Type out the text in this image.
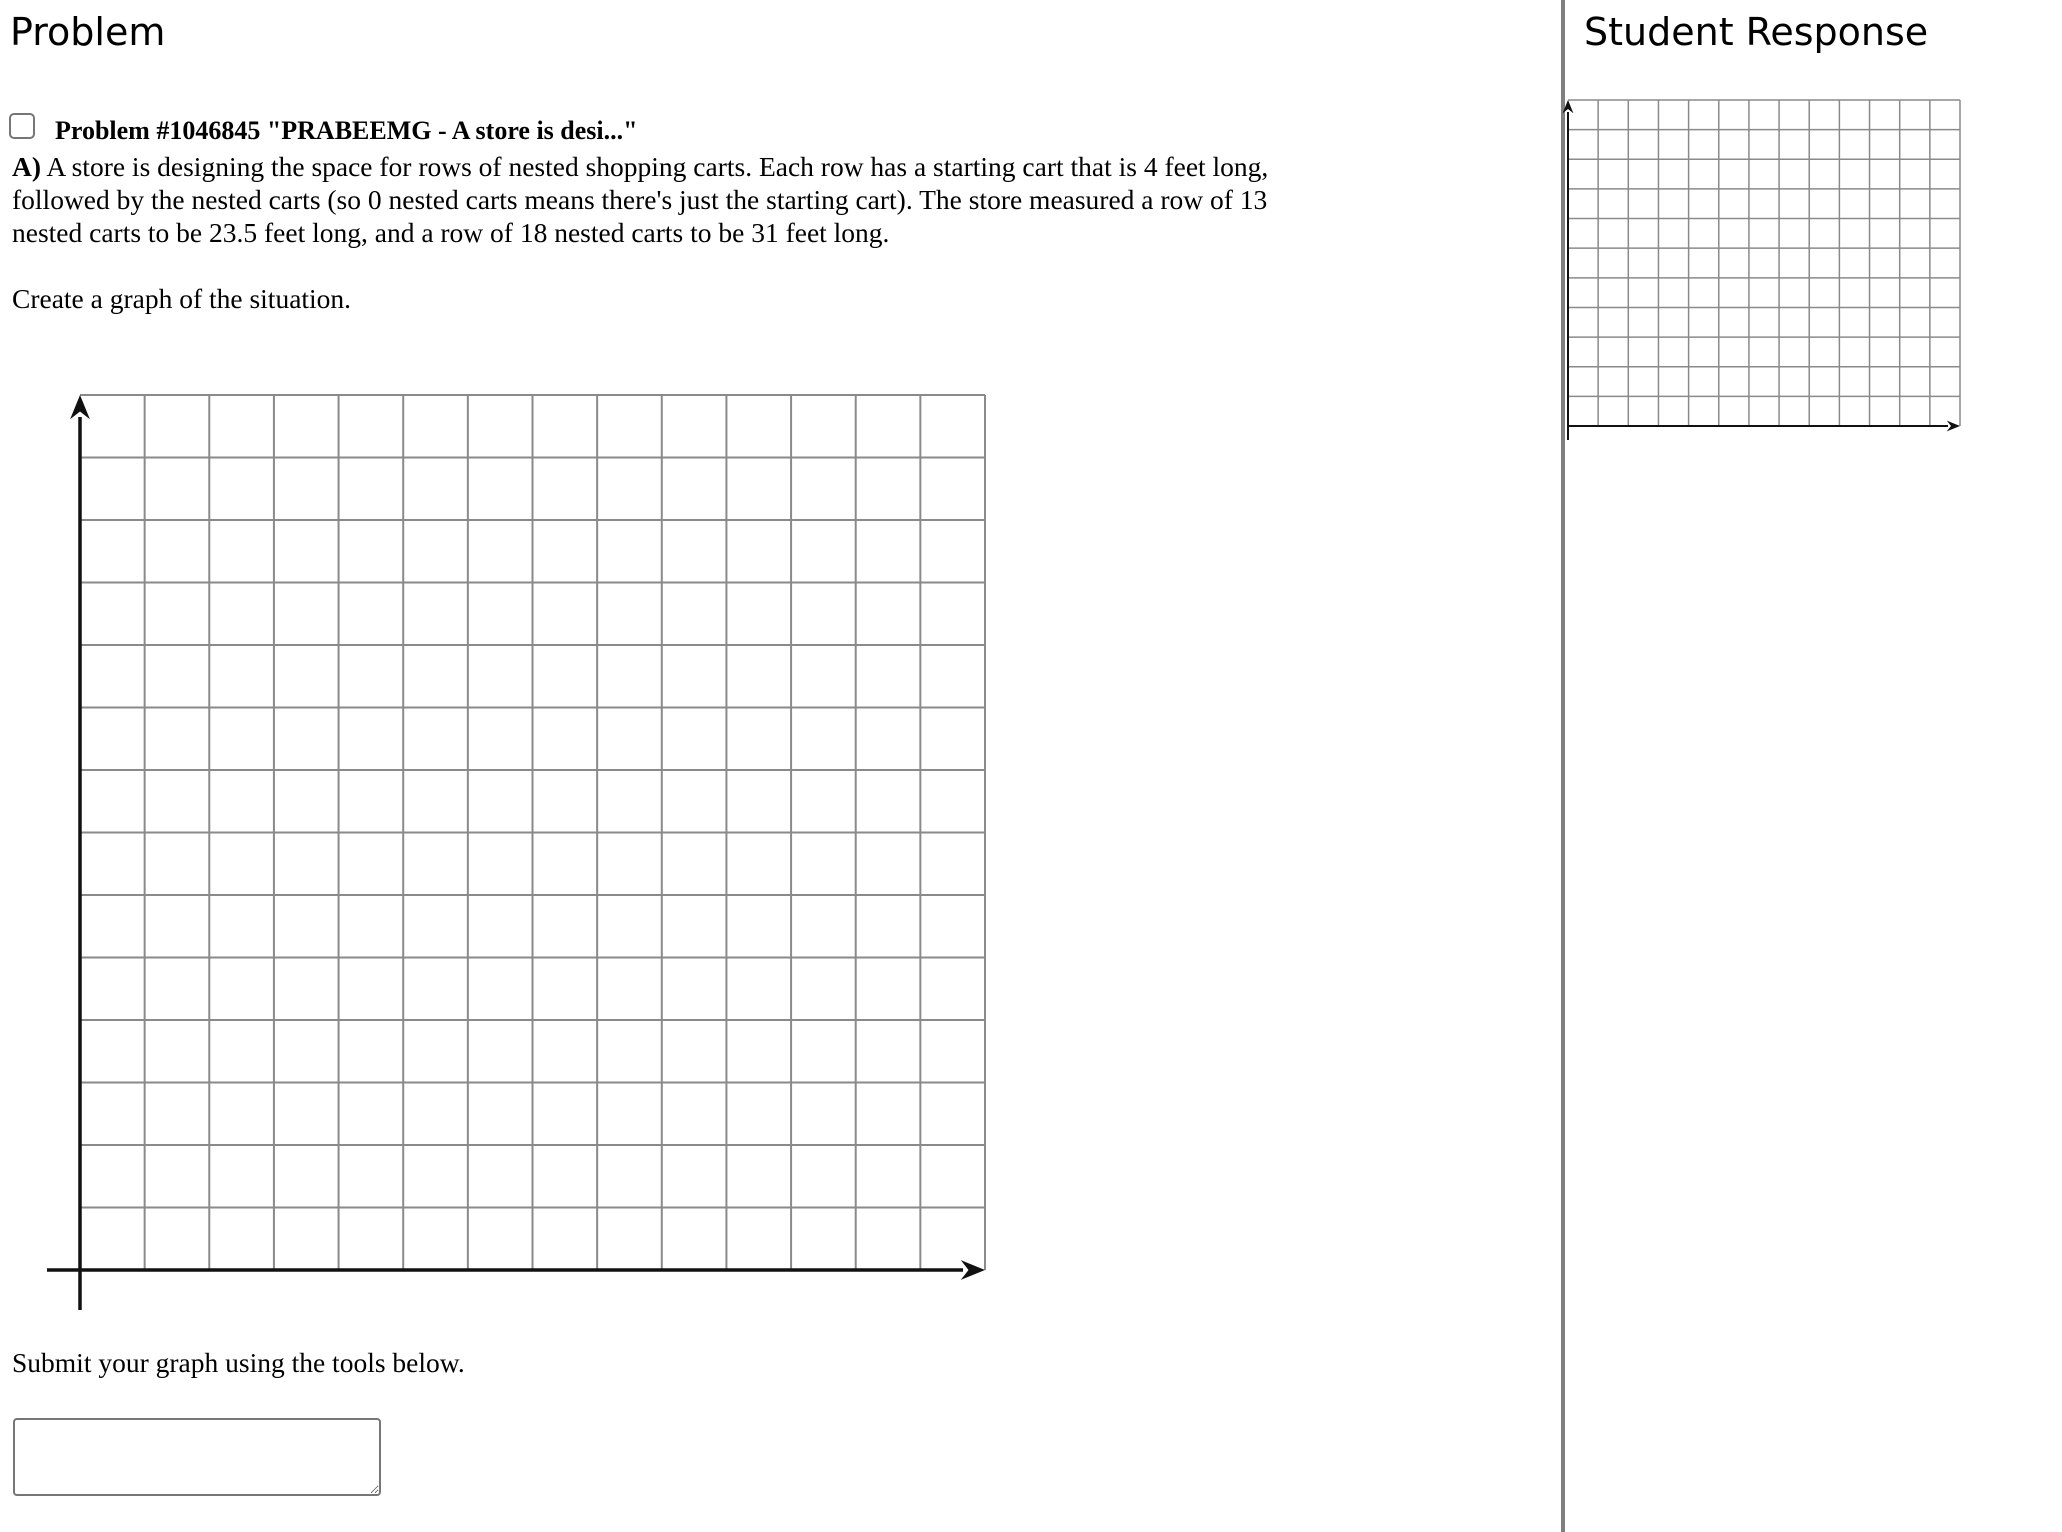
Problem	Student Response
Problem #1046845 "PRABEEMG - A store is desi..."

A) A store is designing the space for rows of nested shopping carts. Each row has a starting cart that is 4 feet long, followed by the nested carts (so 0 nested carts means there's just the starting cart). The store measured a row of 13 nested carts to be 23.5 feet long, and a row of 18 nested carts to be 31 feet long.

Create a graph of the situation.

Submit your graph using the tools below.
